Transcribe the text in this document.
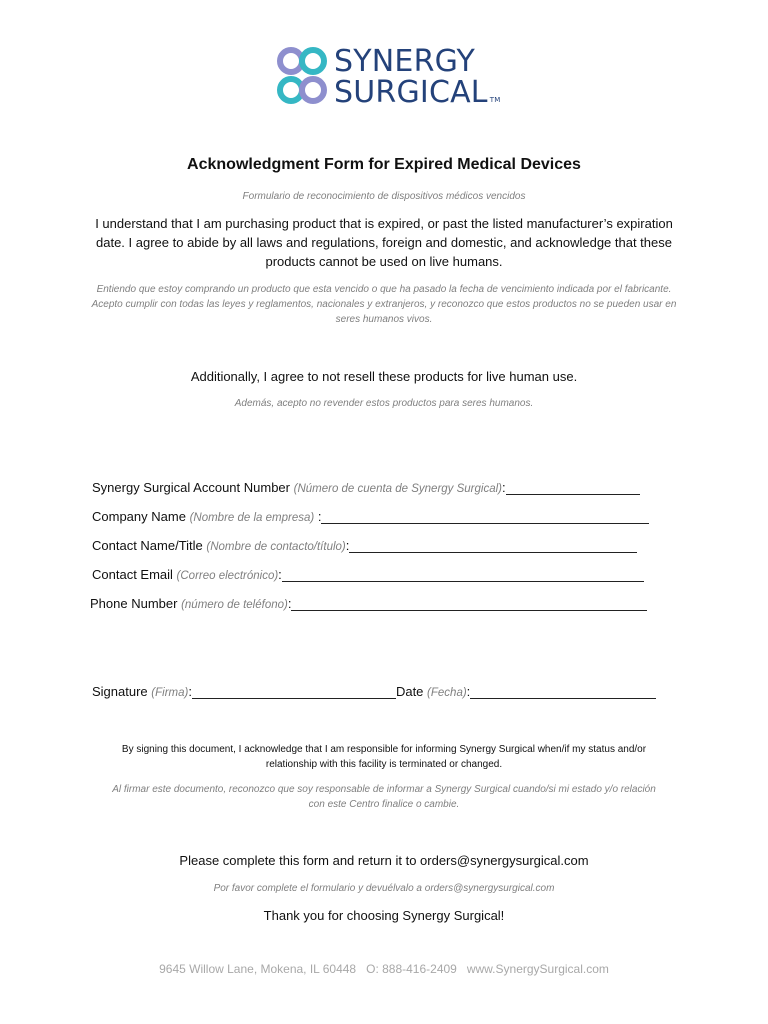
SYNERGY
SURGICAL TM
Acknowledgment Form for Expired Medical Devices
Formulario de reconocimiento de dispositivos médicos vencidos
I understand that I am purchasing product that is expired, or past the listed manufacturer’s expiration date. I agree to abide by all laws and regulations, foreign and domestic, and acknowledge that these products cannot be used on live humans.
Entiendo que estoy comprando un producto que esta vencido o que ha pasado la fecha de vencimiento indicada por el fabricante. Acepto cumplir con todas las leyes y reglamentos, nacionales y extranjeros, y reconozco que estos productos no se pueden usar en seres humanos vivos.
Additionally, I agree to not resell these products for live human use.
Además, acepto no revender estos productos para seres humanos.
Synergy Surgical Account Number (Número de cuenta de Synergy Surgical):
Company Name (Nombre de la empresa) :
Contact Name/Title (Nombre de contacto/título):
Contact Email (Correo electrónico):
Phone Number (número de teléfono):
Signature (Firma):	Date (Fecha):
By signing this document, I acknowledge that I am responsible for informing Synergy Surgical when/if my status and/or relationship with this facility is terminated or changed.
Al firmar este documento, reconozco que soy responsable de informar a Synergy Surgical cuando/si mi estado y/o relación con este Centro finalice o cambie.
Please complete this form and return it to orders@synergysurgical.com
Por favor complete el formulario y devuélvalo a orders@synergysurgical.com
Thank you for choosing Synergy Surgical!
9645 Willow Lane, Mokena, IL 60448   O: 888-416-2409   www.SynergySurgical.com
